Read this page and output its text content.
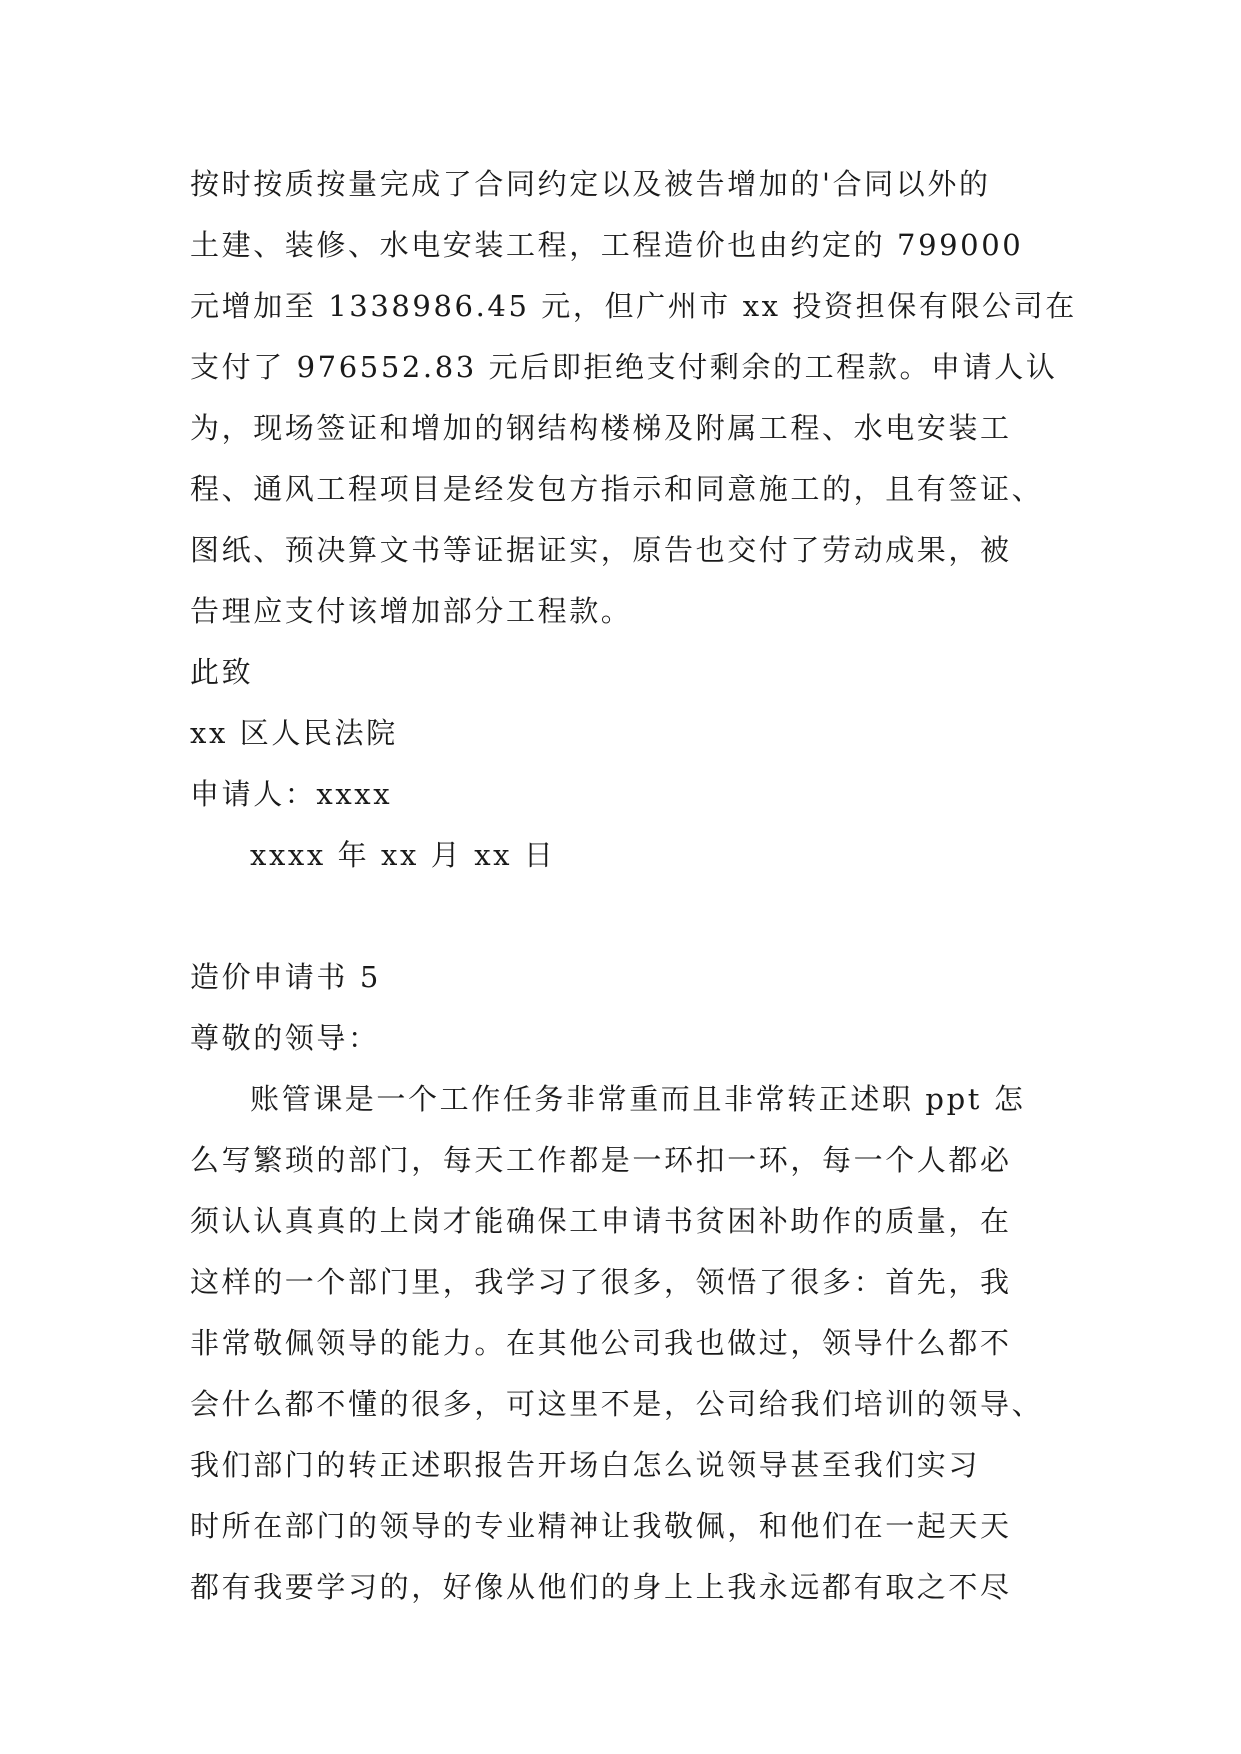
按时按质按量完成了合同约定以及被告增加的'合同以外的
土建、装修、水电安装工程，工程造价也由约定的 799000
元增加至 1338986.45 元，但广州市 xx 投资担保有限公司在
支付了 976552.83 元后即拒绝支付剩余的工程款。申请人认
为，现场签证和增加的钢结构楼梯及附属工程、水电安装工
程、通风工程项目是经发包方指示和同意施工的，且有签证、
图纸、预决算文书等证据证实，原告也交付了劳动成果，被
告理应支付该增加部分工程款。
此致
xx 区人民法院
申请人：xxxx
xxxx 年 xx 月 xx 日
造价申请书 5
尊敬的领导：
账管课是一个工作任务非常重而且非常转正述职 ppt 怎
么写繁琐的部门，每天工作都是一环扣一环，每一个人都必
须认认真真的上岗才能确保工申请书贫困补助作的质量，在
这样的一个部门里，我学习了很多，领悟了很多：首先，我
非常敬佩领导的能力。在其他公司我也做过，领导什么都不
会什么都不懂的很多，可这里不是，公司给我们培训的领导、
我们部门的转正述职报告开场白怎么说领导甚至我们实习
时所在部门的领导的专业精神让我敬佩，和他们在一起天天
都有我要学习的，好像从他们的身上上我永远都有取之不尽
